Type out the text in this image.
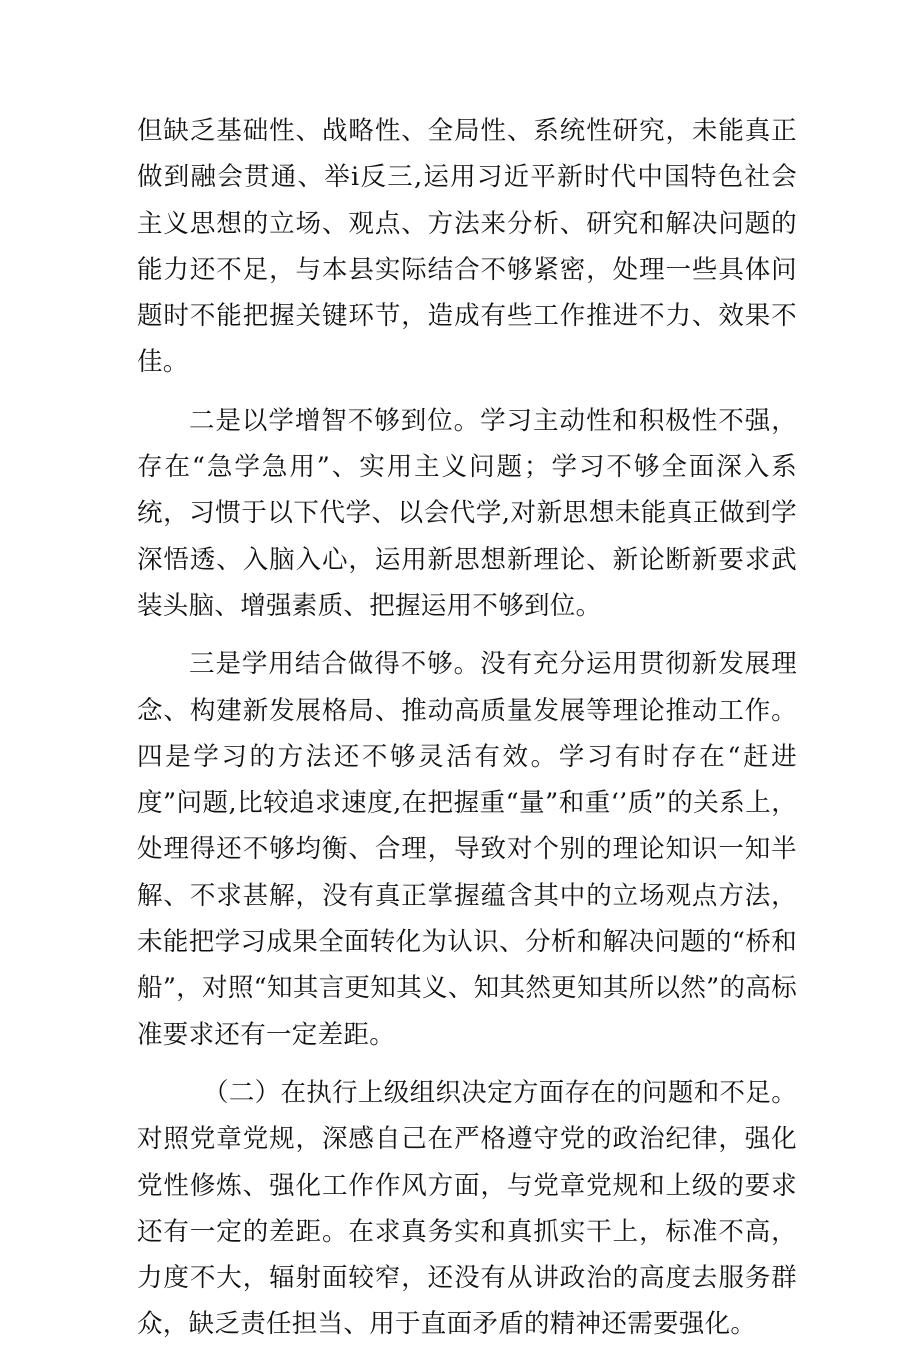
但缺乏基础性、战略性、全局性、系统性研究，未能真正做到融会贯通、举i反三,运用习近平新时代中国特色社会主义思想的立场、观点、方法来分析、研究和解决问题的能力还不足，与本县实际结合不够紧密，处理一些具体问题时不能把握关键环节，造成有些工作推进不力、效果不佳。

二是以学增智不够到位。学习主动性和积极性不强，存在“急学急用”、实用主义问题；学习不够全面深入系统，习惯于以下代学、以会代学,对新思想未能真正做到学深悟透、入脑入心，运用新思想新理论、新论断新要求武装头脑、增强素质、把握运用不够到位。

三是学用结合做得不够。没有充分运用贯彻新发展理念、构建新发展格局、推动高质量发展等理论推动工作。四是学习的方法还不够灵活有效。学习有时存在“赶进度”问题,比较追求速度,在把握重“量”和重‘’质”的关系上，处理得还不够均衡、合理，导致对个别的理论知识一知半解、不求甚解，没有真正掌握蕴含其中的立场观点方法，未能把学习成果全面转化为认识、分析和解决问题的“桥和船”，对照“知其言更知其义、知其然更知其所以然”的高标准要求还有一定差距。

（二）在执行上级组织决定方面存在的问题和不足。对照党章党规，深感自己在严格遵守党的政治纪律，强化党性修炼、强化工作作风方面，与党章党规和上级的要求还有一定的差距。在求真务实和真抓实干上，标准不高，力度不大，辐射面较窄，还没有从讲政治的高度去服务群众，缺乏责任担当、用于直面矛盾的精神还需要强化。
